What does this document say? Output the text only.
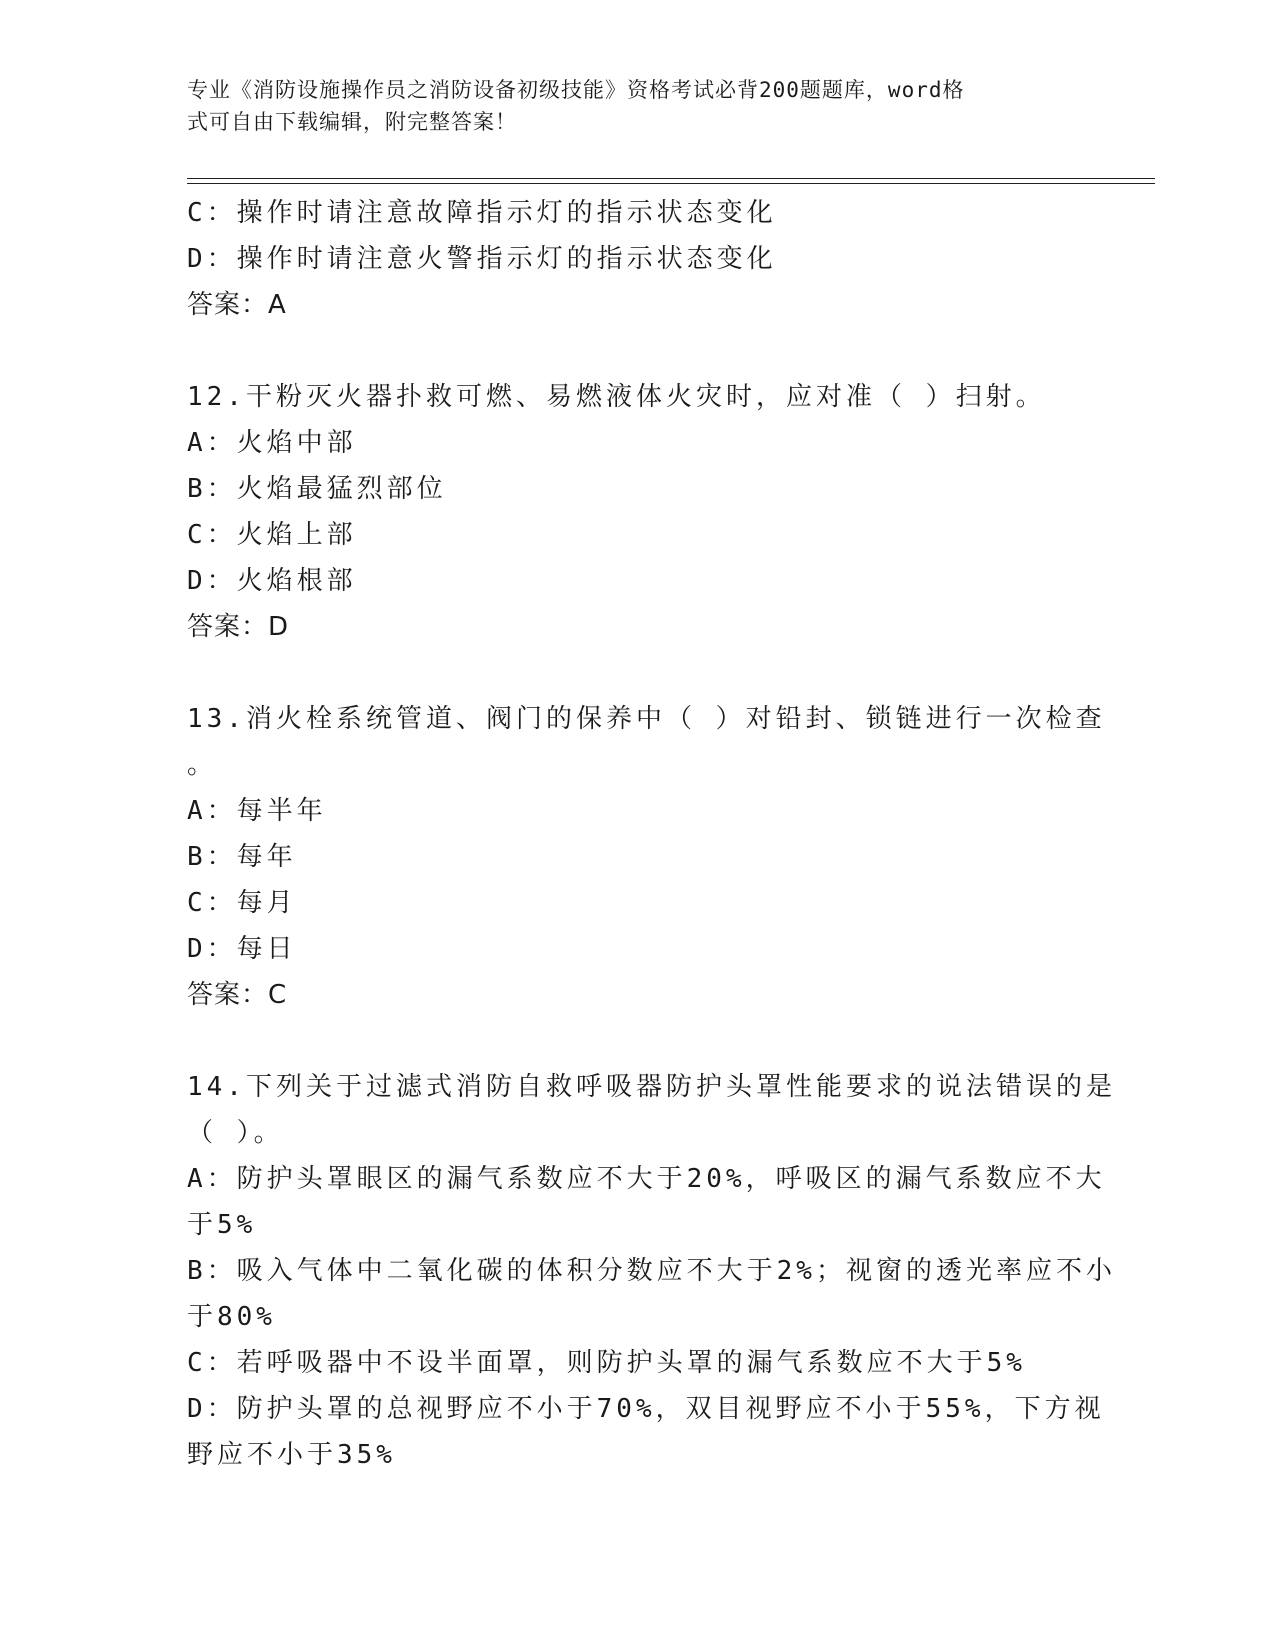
专业《消防设施操作员之消防设备初级技能》资格考试必背200题题库，word格
式可自由下载编辑，附完整答案！
C：操作时请注意故障指示灯的指示状态变化
D：操作时请注意火警指示灯的指示状态变化
答案：A
12.干粉灭火器扑救可燃、易燃液体火灾时，应对准（ ）扫射。
A：火焰中部
B：火焰最猛烈部位
C：火焰上部
D：火焰根部
答案：D
13.消火栓系统管道、阀门的保养中（ ）对铅封、锁链进行一次检查
。
A：每半年
B：每年
C：每月
D：每日
答案：C
14.下列关于过滤式消防自救呼吸器防护头罩性能要求的说法错误的是
（ ）。
A：防护头罩眼区的漏气系数应不大于20%，呼吸区的漏气系数应不大
于5%
B：吸入气体中二氧化碳的体积分数应不大于2%；视窗的透光率应不小
于80%
C：若呼吸器中不设半面罩，则防护头罩的漏气系数应不大于5%
D：防护头罩的总视野应不小于70%，双目视野应不小于55%，下方视
野应不小于35%
